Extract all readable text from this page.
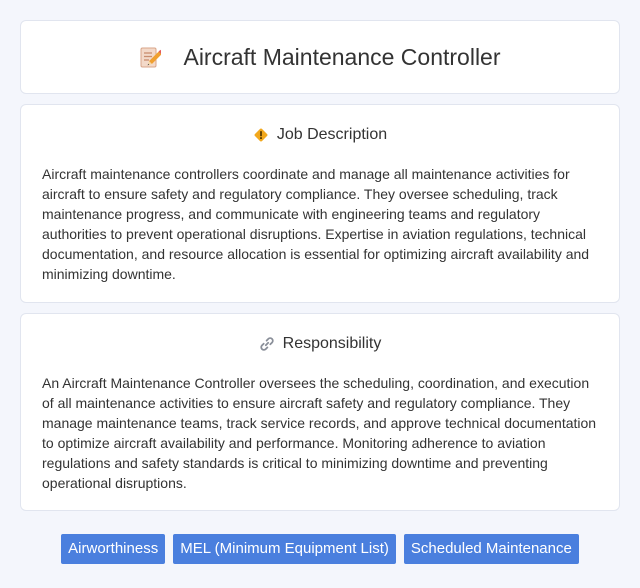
Aircraft Maintenance Controller
Job Description

Aircraft maintenance controllers coordinate and manage all maintenance activities for aircraft to ensure safety and regulatory compliance. They oversee scheduling, track maintenance progress, and communicate with engineering teams and regulatory authorities to prevent operational disruptions. Expertise in aviation regulations, technical documentation, and resource allocation is essential for optimizing aircraft availability and minimizing downtime.

Responsibility

An Aircraft Maintenance Controller oversees the scheduling, coordination, and execution of all maintenance activities to ensure aircraft safety and regulatory compliance. They manage maintenance teams, track service records, and approve technical documentation to optimize aircraft availability and performance. Monitoring adherence to aviation regulations and safety standards is critical to minimizing downtime and preventing operational disruptions.

Airworthiness	MEL (Minimum Equipment List)	Scheduled Maintenance
